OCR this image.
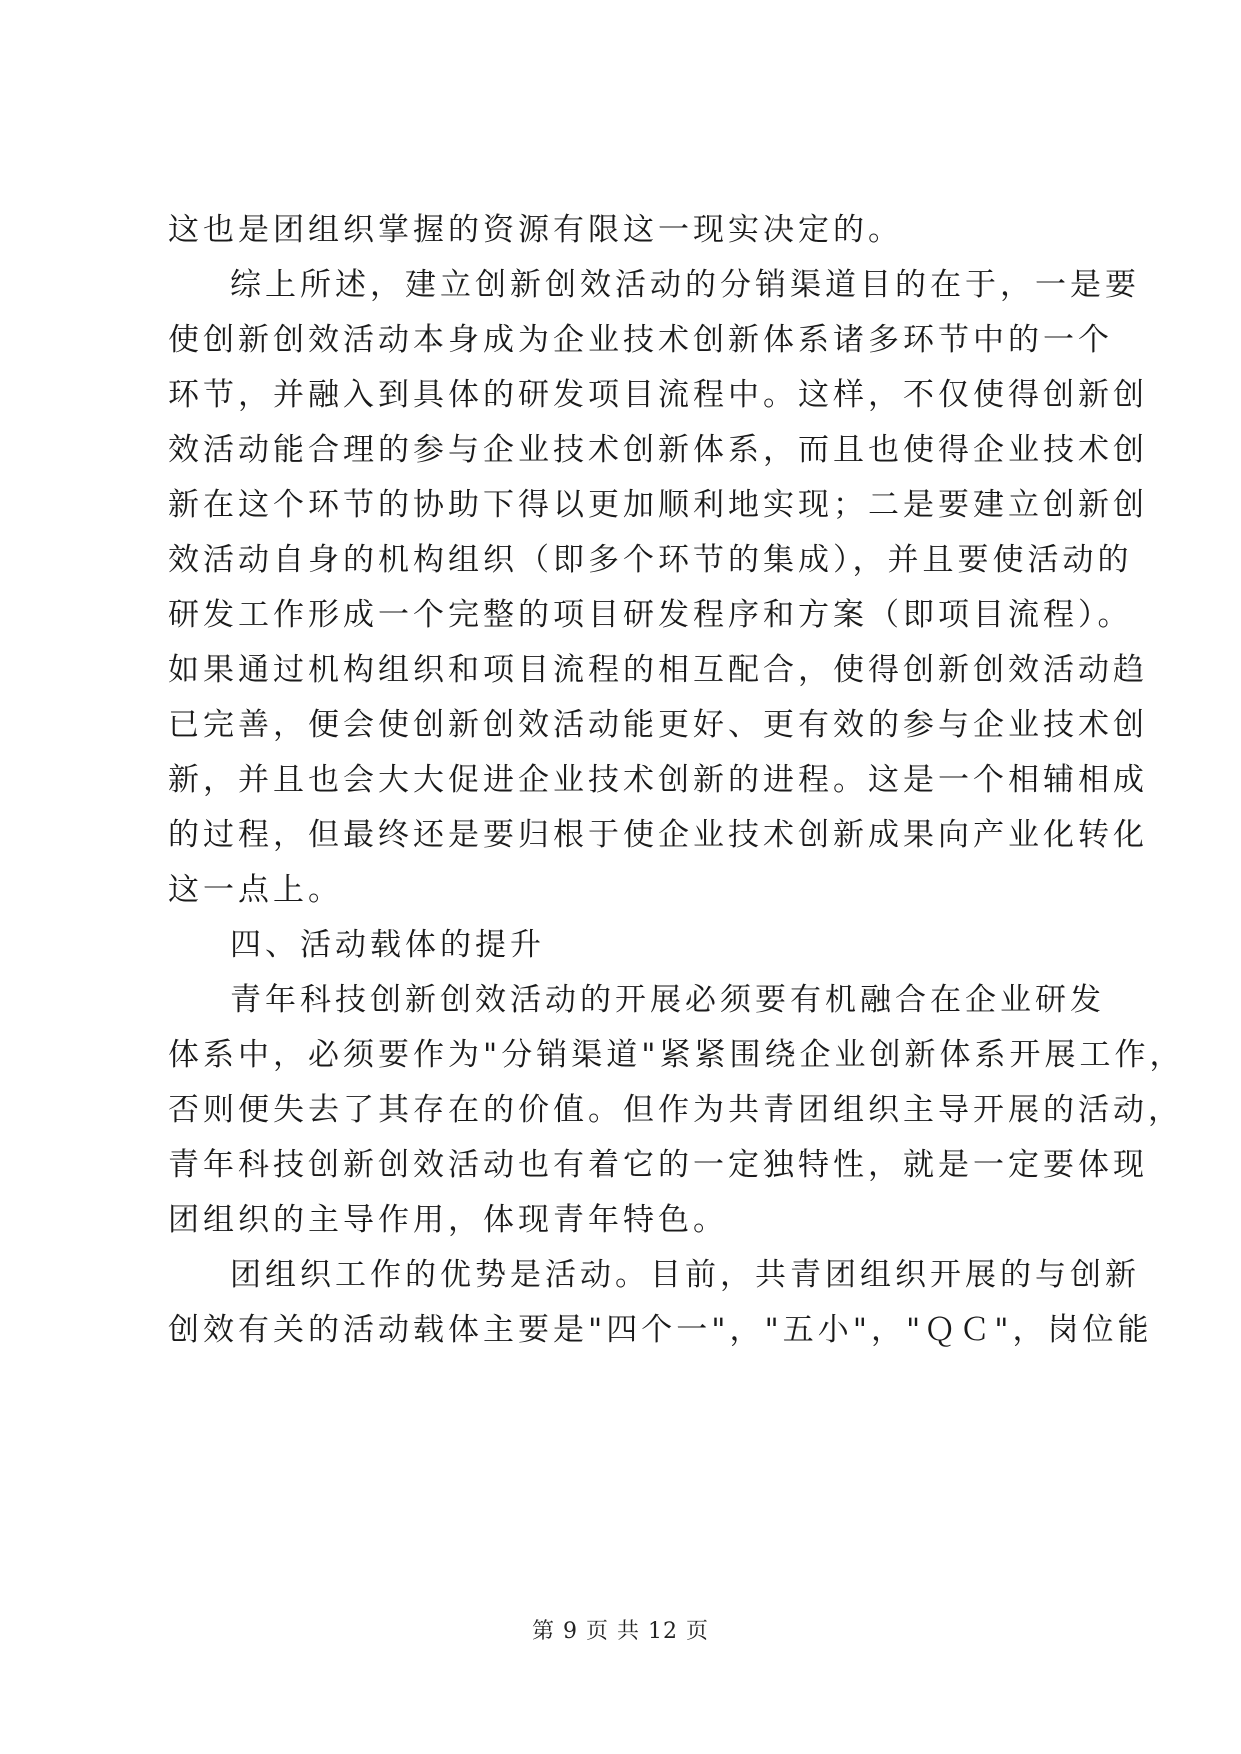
这也是团组织掌握的资源有限这一现实决定的。
综上所述，建立创新创效活动的分销渠道目的在于，一是要
使创新创效活动本身成为企业技术创新体系诸多环节中的一个
环节，并融入到具体的研发项目流程中。这样，不仅使得创新创
效活动能合理的参与企业技术创新体系，而且也使得企业技术创
新在这个环节的协助下得以更加顺利地实现；二是要建立创新创
效活动自身的机构组织（即多个环节的集成），并且要使活动的
研发工作形成一个完整的项目研发程序和方案（即项目流程）。
如果通过机构组织和项目流程的相互配合，使得创新创效活动趋
已完善，便会使创新创效活动能更好、更有效的参与企业技术创
新，并且也会大大促进企业技术创新的进程。这是一个相辅相成
的过程，但最终还是要归根于使企业技术创新成果向产业化转化
这一点上。
四、活动载体的提升
青年科技创新创效活动的开展必须要有机融合在企业研发
体系中，必须要作为"分销渠道"紧紧围绕企业创新体系开展工作，
否则便失去了其存在的价值。但作为共青团组织主导开展的活动，
青年科技创新创效活动也有着它的一定独特性，就是一定要体现
团组织的主导作用，体现青年特色。
团组织工作的优势是活动。目前，共青团组织开展的与创新
创效有关的活动载体主要是"四个一"，"五小"，"ＱＣ"，岗位能
第 9 页 共 12 页
